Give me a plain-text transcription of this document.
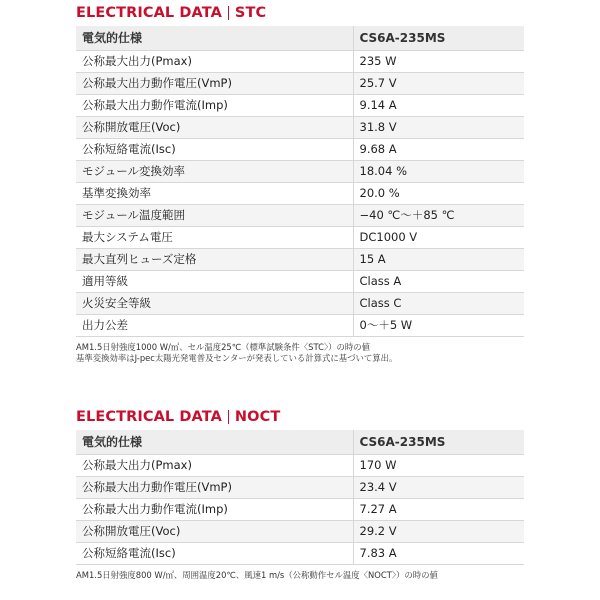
ELECTRICAL DATA STC
電気的仕様	CS6A-235MS
公称最大出力(Pmax)	235 W
公称最大出力動作電圧(VmP)	25.7 V
公称最大出力動作電流(Imp)	9.14 A
公称開放電圧(Voc)	31.8 V
公称短絡電流(Isc)	9.68 A
モジュール変換効率	18.04 %
基準変換効率	20.0 %
モジュール温度範囲	−40 ℃〜＋85 ℃
最大システム電圧	DC1000 V
最大直列ヒューズ定格	15 A
適用等級	Class A
火災安全等級	Class C
出力公差	0〜＋5 W
AM1.5日射強度1000 W/㎡、セル温度25℃（標準試験条件〈STC〉）の時の値
基準変換効率はJ-pec太陽光発電普及センターが発表している計算式に基づいて算出。
ELECTRICAL DATA NOCT
電気的仕様	CS6A-235MS
公称最大出力(Pmax)	170 W
公称最大出力動作電圧(VmP)	23.4 V
公称最大出力動作電流(Imp)	7.27 A
公称開放電圧(Voc)	29.2 V
公称短絡電流(Isc)	7.83 A
AM1.5日射強度800 W/㎡、周囲温度20℃、風速1 m/s（公称動作セル温度〈NOCT〉）の時の値
